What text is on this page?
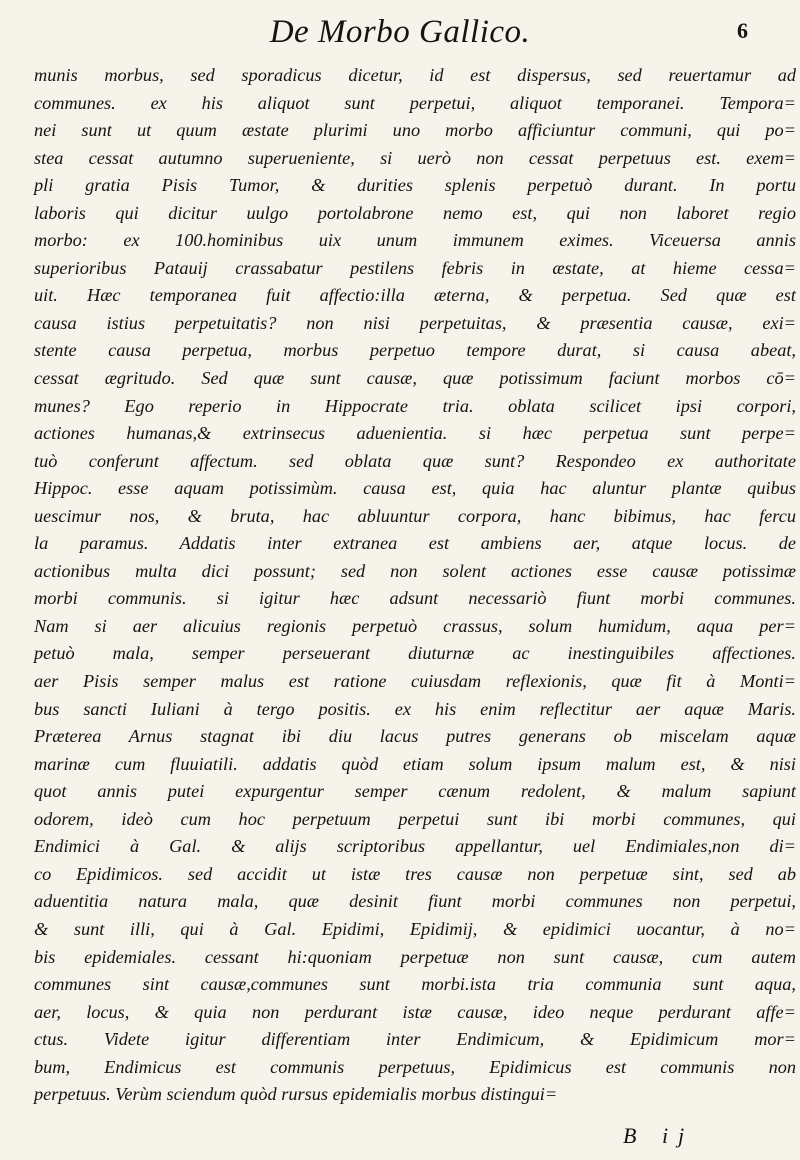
De Morbo Gallico.	6
munis morbus, sed sporadicus dicetur, id est dispersus, sed reuertamur ad
communes. ex his aliquot sunt perpetui, aliquot temporanei. Tempora=
nei sunt ut quum æstate plurimi uno morbo afficiuntur communi, qui po=
stea cessat autumno superueniente, si uerò non cessat perpetuus est. exem=
pli gratia Pisis Tumor, & durities splenis perpetuò durant. In portu
laboris qui dicitur uulgo portolabrone nemo est, qui non laboret regio
morbo: ex 100.hominibus uix unum immunem eximes. Viceuersa annis
superioribus Patauij crassabatur pestilens febris in æstate, at hieme cessa=
uit. Hæc temporanea fuit affectio:illa æterna, & perpetua. Sed quæ est
causa istius perpetuitatis? non nisi perpetuitas, & præsentia causæ, exi=
stente causa perpetua, morbus perpetuo tempore durat, si causa abeat,
cessat ægritudo. Sed quæ sunt causæ, quæ potissimum faciunt morbos cō=
munes? Ego reperio in Hippocrate tria. oblata scilicet ipsi corpori,
actiones humanas,& extrinsecus aduenientia. si hæc perpetua sunt perpe=
tuò conferunt affectum. sed oblata quæ sunt? Respondeo ex authoritate
Hippoc. esse aquam potissimùm. causa est, quia hac aluntur plantæ quibus
uescimur nos, & bruta, hac abluuntur corpora, hanc bibimus, hac fercu
la paramus. Addatis inter extranea est ambiens aer, atque locus. de
actionibus multa dici possunt; sed non solent actiones esse causæ potissimæ
morbi communis. si igitur hæc adsunt necessariò fiunt morbi communes.
Nam si aer alicuius regionis perpetuò crassus, solum humidum, aqua per=
petuò mala, semper perseuerant diuturnæ ac inestinguibiles affectiones.
aer Pisis semper malus est ratione cuiusdam reflexionis, quæ fit à Monti=
bus sancti Iuliani à tergo positis. ex his enim reflectitur aer aquæ Maris.
Præterea Arnus stagnat ibi diu lacus putres generans ob miscelam aquæ
marinæ cum fluuiatili. addatis quòd etiam solum ipsum malum est, & nisi
quot annis putei expurgentur semper cænum redolent, & malum sapiunt
odorem, ideò cum hoc perpetuum perpetui sunt ibi morbi communes, qui
Endimici à Gal. & alijs scriptoribus appellantur, uel Endimiales,non di=
co Epidimicos. sed accidit ut istæ tres causæ non perpetuæ sint, sed ab
aduentitia natura mala, quæ desinit fiunt morbi communes non perpetui,
& sunt illi, qui à Gal. Epidimi, Epidimij, & epidimici uocantur, à no=
bis epidemiales. cessant hi:quoniam perpetuæ non sunt causæ, cum autem
communes sint causæ,communes sunt morbi.ista tria communia sunt aqua,
aer, locus, & quia non perdurant istæ causæ, ideo neque perdurant affe=
ctus. Videte igitur differentiam inter Endimicum, & Epidimicum mor=
bum, Endimicus est communis perpetuus, Epidimicus est communis non
perpetuus. Verùm sciendum quòd rursus epidemialis morbus distingui=
B ij
